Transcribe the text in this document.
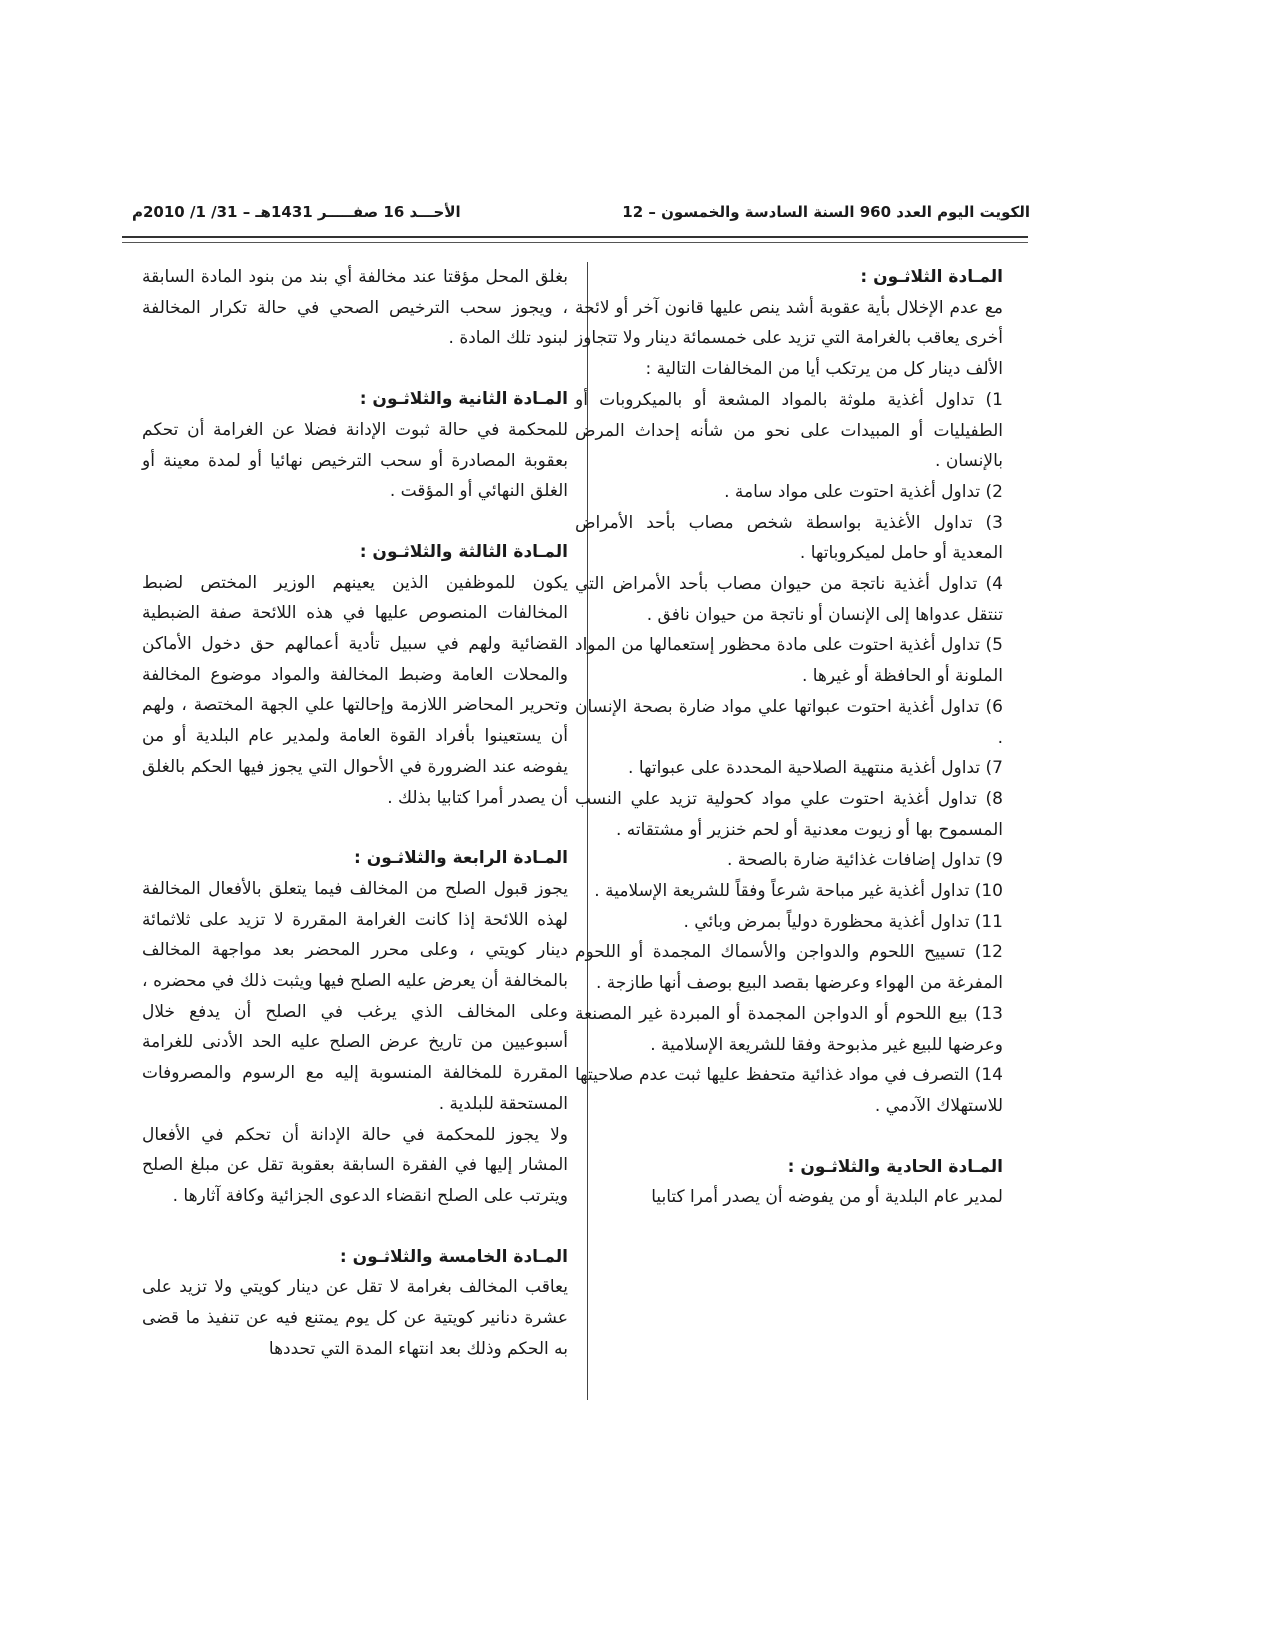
الكويت اليوم العدد 960 السنة السادسة والخمسون – 12
الأحـــد 16 صفـــــر 1431هـ – 31/ 1/ 2010م

المـادة الثلاثـون :

مع عدم الإخلال بأية عقوبة أشد ينص عليها قانون آخر أو لائحة أخرى يعاقب بالغرامة التي تزيد على خمسمائة دينار ولا تتجاوز الألف دينار كل من يرتكب أيا من المخالفات التالية :

1) تداول أغذية ملوثة بالمواد المشعة أو بالميكروبات أو الطفيليات أو المبيدات على نحو من شأنه إحداث المرض بالإنسان .

2) تداول أغذية احتوت على مواد سامة .

3) تداول الأغذية بواسطة شخص مصاب بأحد الأمراض المعدية أو حامل لميكروباتها .

4) تداول أغذية ناتجة من حيوان مصاب بأحد الأمراض التي تنتقل عدواها إلى الإنسان أو ناتجة من حيوان نافق .

5) تداول أغذية احتوت على مادة محظور إستعمالها من المواد الملونة أو الحافظة أو غيرها .

6) تداول أغذية احتوت عبواتها علي مواد ضارة بصحة الإنسان .

7) تداول أغذية منتهية الصلاحية المحددة على عبواتها .

8) تداول أغذية احتوت علي مواد كحولية تزيد علي النسب المسموح بها أو زيوت معدنية أو لحم خنزير أو مشتقاته .

9) تداول إضافات غذائية ضارة بالصحة .

10) تداول أغذية غير مباحة شرعاً وفقاً للشريعة الإسلامية .

11) تداول أغذية محظورة دولياً بمرض وبائي .

12) تسييح اللحوم والدواجن والأسماك المجمدة أو اللحوم المفرغة من الهواء وعرضها بقصد البيع بوصف أنها طازجة .

13) بيع اللحوم أو الدواجن المجمدة أو المبردة غير المصنعة وعرضها للبيع غير مذبوحة وفقا للشريعة الإسلامية .

14) التصرف في مواد غذائية متحفظ عليها ثبت عدم صلاحيتها للاستهلاك الآدمي .

المـادة الحادية والثلاثـون :

لمدير عام البلدية أو من يفوضه أن يصدر أمرا كتابيا

بغلق المحل مؤقتا عند مخالفة أي بند من بنود المادة السابقة ، ويجوز سحب الترخيص الصحي في حالة تكرار المخالفة لبنود تلك المادة .

المـادة الثانية والثلاثـون :

للمحكمة في حالة ثبوت الإدانة فضلا عن الغرامة أن تحكم بعقوبة المصادرة أو سحب الترخيص نهائيا أو لمدة معينة أو الغلق النهائي أو المؤقت .

المـادة الثالثة والثلاثـون :

يكون للموظفين الذين يعينهم الوزير المختص لضبط المخالفات المنصوص عليها في هذه اللائحة صفة الضبطية القضائية ولهم في سبيل تأدية أعمالهم حق دخول الأماكن والمحلات العامة وضبط المخالفة والمواد موضوع المخالفة وتحرير المحاضر اللازمة وإحالتها علي الجهة المختصة ، ولهم أن يستعينوا بأفراد القوة العامة ولمدير عام البلدية أو من يفوضه عند الضرورة في الأحوال التي يجوز فيها الحكم بالغلق أن يصدر أمرا كتابيا بذلك .

المـادة الرابعة والثلاثـون :

يجوز قبول الصلح من المخالف فيما يتعلق بالأفعال المخالفة لهذه اللائحة إذا كانت الغرامة المقررة لا تزيد على ثلاثمائة دينار كويتي ، وعلى محرر المحضر بعد مواجهة المخالف بالمخالفة أن يعرض عليه الصلح فيها ويثبت ذلك في محضره ، وعلى المخالف الذي يرغب في الصلح أن يدفع خلال أسبوعيين من تاريخ عرض الصلح عليه الحد الأدنى للغرامة المقررة للمخالفة المنسوبة إليه مع الرسوم والمصروفات المستحقة للبلدية .

ولا يجوز للمحكمة في حالة الإدانة أن تحكم في الأفعال المشار إليها في الفقرة السابقة بعقوبة تقل عن مبلغ الصلح ويترتب على الصلح انقضاء الدعوى الجزائية وكافة آثارها .

المـادة الخامسة والثلاثـون :

يعاقب المخالف بغرامة لا تقل عن دينار كويتي ولا تزيد على عشرة دنانير كويتية عن كل يوم يمتنع فيه عن تنفيذ ما قضى به الحكم وذلك بعد انتهاء المدة التي تحددها
